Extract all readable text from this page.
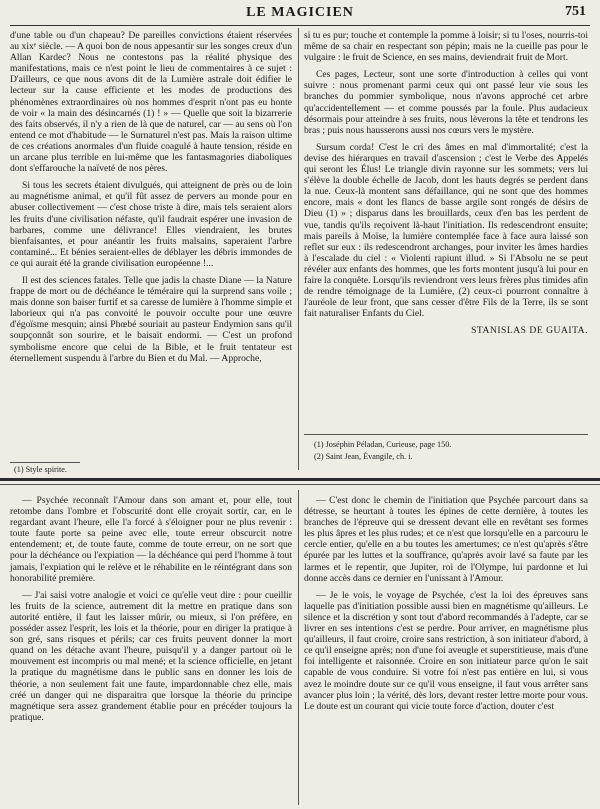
LE MAGICIEN	751

d'une table ou d'un chapeau? De pareilles convictions étaient réservées au xixᵉ siècle. — A quoi bon de nous appesantir sur les songes creux d'un Allan Kardec? Nous ne contestons pas la réalité physique des manifestations, mais ce n'est point le lieu de commentaires à ce sujet : D'ailleurs, ce que nous avons dit de la Lumière astrale doit édifier le lecteur sur la cause efficiente et les modes de productions des phénomènes extraordinaires où nos hommes d'esprit n'ont pas eu honte de voir « la main des désincarnés (1) ! » — Quelle que soit la bizarrerie des faits observés, il n'y a rien de là que de naturel, car — au sens où l'on entend ce mot d'habitude — le Surnaturel n'est pas. Mais la raison ultime de ces créations anormales d'un fluide coagulé à haute tension, réside en un arcane plus terrible en lui-même que les fantasmagories diaboliques dont s'effarouche la naïveté de nos pères.

Si tous les secrets étaient divulgués, qui atteignent de près ou de loin au magnétisme animal, et qu'il fût assez de pervers au monde pour en abuser collectivement — c'est chose triste à dire, mais tels seraient alors les fruits d'une civilisation néfaste, qu'il faudrait espérer une invasion de barbares, comme une délivrance! Elles viendraient, les brutes bienfaisantes, et pour anéantir les fruits malsains, saperaient l'arbre contaminé... Et bénies seraient-elles de déblayer les débris immondes de ce qui aurait été la grande civilisation européenne !...

Il est des sciences fatales. Telle que jadis la chaste Diane — la Nature frappe de mort ou de déchéance le téméraire qui la surprend sans voile ; mais donne son baiser furtif et sa caresse de lumière à l'homme simple et laborieux qui n'a pas convoité le pouvoir occulte pour une œuvre d'égoïsme mesquin; ainsi Phœbé souriait au pasteur Endymion sans qu'il soupçonnât son sourire, et le baisait endormi. — C'est un profond symbolisme encore que celui de la Bible, et le fruit tentateur est éternellement suspendu à l'arbre du Bien et du Mal. — Approche,

(1) Style spirite.

si tu es pur; touche et contemple la pomme à loisir; si tu l'oses, nourris-toi même de sa chair en respectant son pépin; mais ne la cueille pas pour le vulgaire : le fruit de Science, en ses mains, deviendrait fruit de Mort.

Ces pages, Lecteur, sont une sorte d'introduction à celles qui vont suivre : nous promenant parmi ceux qui ont passé leur vie sous les branches du pommier symbolique, nous n'avons approché cet arbre qu'accidentellement — et comme poussés par la foule. Plus audacieux désormais pour atteindre à ses fruits, nous lèverons la tête et tendrons les bras ; puis nous hausserons aussi nos cœurs vers le mystère.

Sursum corda! C'est le cri des âmes en mal d'immortalité; c'est la devise des hiérarques en travail d'ascension ; c'est le Verbe des Appelés qui seront les Élus! Le triangle divin rayonne sur les sommets; vers lui s'élève la double échelle de Jacob, dont les hauts degrés se perdent dans la nue. Ceux-là montent sans défaillance, qui ne sont que des hommes encore, mais « dont les flancs de basse argile sont rongés de désirs de Dieu (1) » ; disparus dans les brouillards, ceux d'en bas les perdent de vue, tandis qu'ils reçoivent là-haut l'initiation. Ils redescendront ensuite; mais pareils à Moïse, la lumière contemplée face à face aura laissé son reflet sur eux : ils redescendront archanges, pour inviter les âmes hardies à l'escalade du ciel : « Violenti rapiunt illud. » Si l'Absolu ne se peut révéler aux enfants des hommes, que les forts montent jusqu'à lui pour en faire la conquête. Lorsqu'ils reviendront vers leurs frères plus timides afin de rendre témoignage de la Lumière, (2) ceux-ci pourront connaître à l'auréole de leur front, que sans cesser d'être Fils de la Terre, ils se sont fait naturaliser Enfants du Ciel.

STANISLAS DE GUAITA.
(1) Joséphin Péladan, Curieuse, page 150.
(2) Saint Jean, Évangile, ch. i.

— Psychée reconnaît l'Amour dans son amant et, pour elle, tout retombe dans l'ombre et l'obscurité dont elle croyait sortir, car, en le regardant avant l'heure, elle l'a forcé à s'éloigner pour ne plus revenir : toute faute porte sa peine avec elle, toute erreur obscurcit notre entendement; et, de toute faute, comme de toute erreur, on ne sort que pour la déchéance ou l'expiation — la déchéance qui perd l'homme à tout jamais, l'expiation qui le relève et le réhabilite en le réintégrant dans son honorabilité première.

— J'ai saisi votre analogie et voici ce qu'elle veut dire : pour cueillir les fruits de la science, autrement dit la mettre en pratique dans son autorité entière, il faut les laisser mûrir, ou mieux, si l'on préfère, en posséder assez l'esprit, les lois et la théorie, pour en diriger la pratique à son gré, sans risques et périls; car ces fruits peuvent donner la mort quand on les détache avant l'heure, puisqu'il y a danger partout où le mouvement est incompris ou mal mené; et la science officielle, en jetant la pratique du magnétisme dans le public sans en donner les lois de théorie, a non seulement fait une faute, impardonnable chez elle, mais créé un danger qui ne disparaitra que lorsque la théorie du principe magnétique sera assez grandement établie pour en précéder toujours la pratique.

— C'est donc le chemin de l'initiation que Psychée parcourt dans sa détresse, se heurtant à toutes les épines de cette dernière, à toutes les branches de l'épreuve qui se dressent devant elle en revêtant ses formes les plus âpres et les plus rudes; et ce n'est que lorsqu'elle en a parcouru le cercle entier, qu'elle en a bu toutes les amertumes; ce n'est qu'après s'être épurée par les luttes et la souffrance, qu'après avoir lavé sa faute par les larmes et le repentir, que Jupiter, roi de l'Olympe, lui pardonne et lui donne accès dans ce dernier en l'unissant à l'Amour.

— Je le vois, le voyage de Psychée, c'est la loi des épreuves sans laquelle pas d'initiation possible aussi bien en magnétisme qu'ailleurs. Le silence et la discrétion y sont tout d'abord recommandés à l'adepte, car se livrer en ses intentions c'est se perdre. Pour arriver, en magnétisme plus qu'ailleurs, il faut croire, croire sans restriction, à son initiateur d'abord, à ce qu'il enseigne après; non d'une foi aveugle et superstitieuse, mais d'une foi intelligente et raisonnée. Croire en son initiateur parce qu'on le sait capable de vous conduire. Si votre foi n'est pas entière en lui, si vous avez le moindre doute sur ce qu'il vous enseigne, il faut vous arrêter sans avancer plus loin ; la vérité, dès lors, devant rester lettre morte pour vous. Le doute est un courant qui vicie toute force d'action, douter c'est
